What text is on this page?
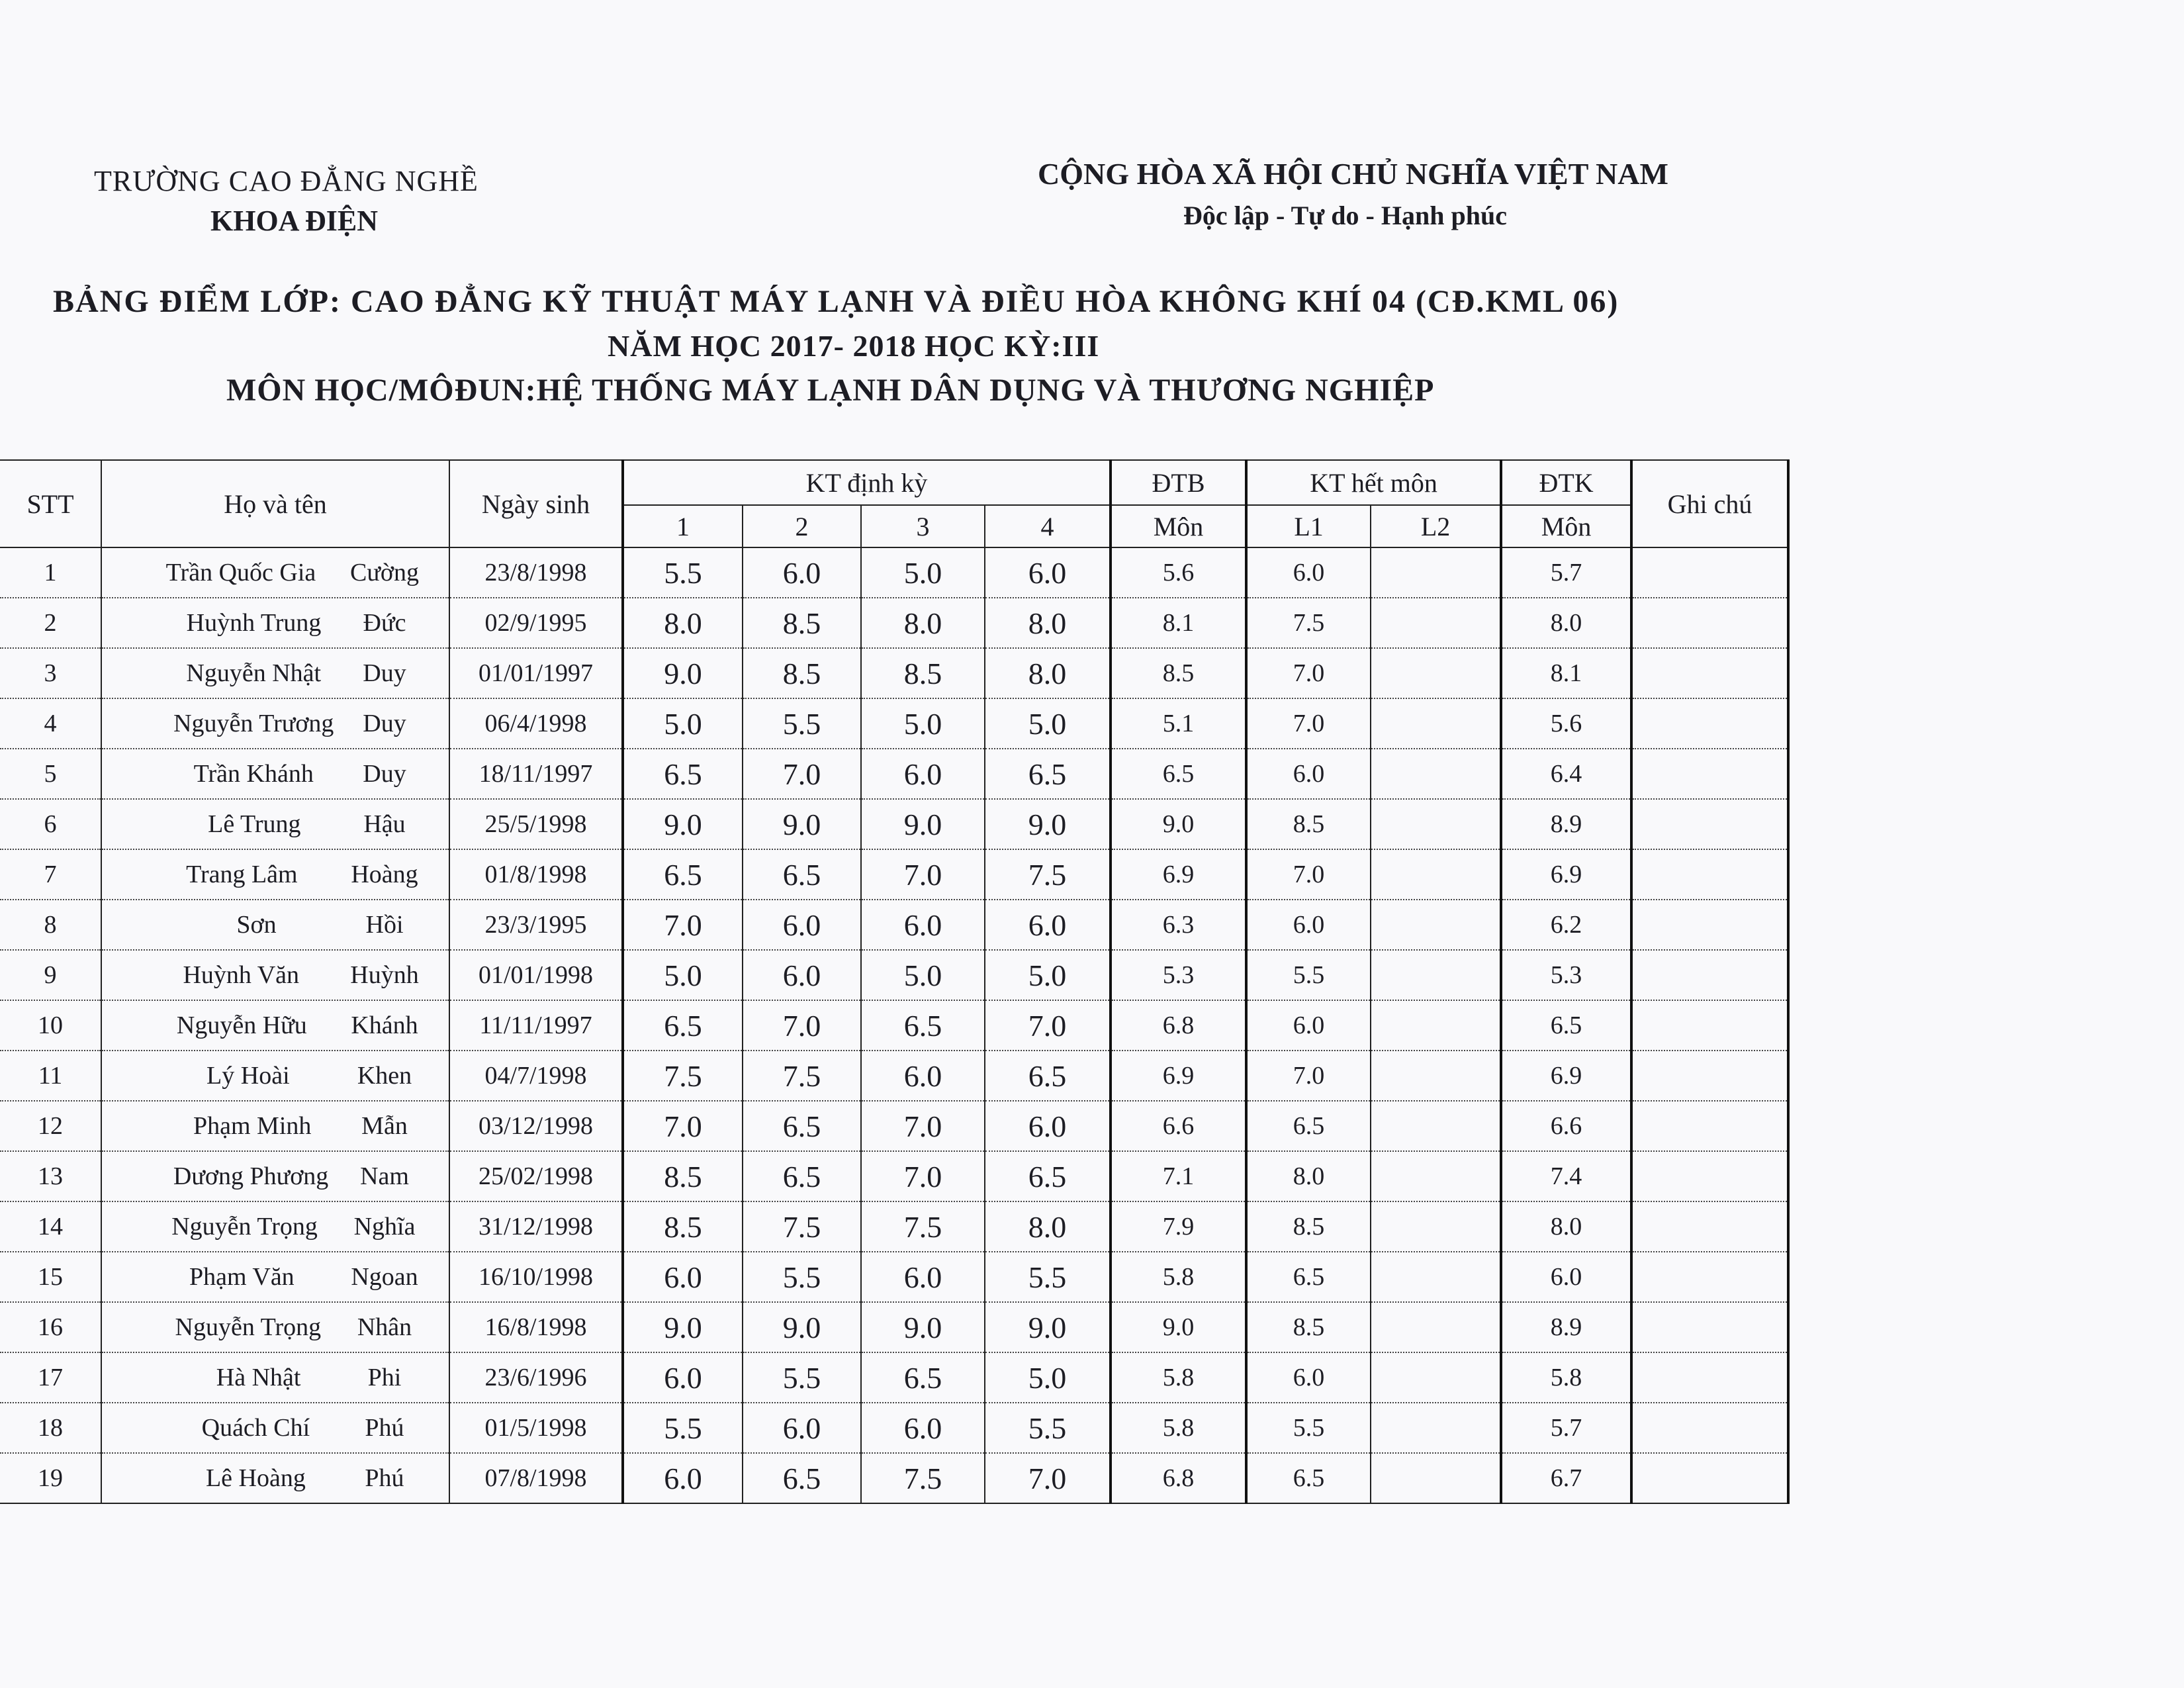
TRƯỜNG CAO ĐẲNG NGHỀ
KHOA ĐIỆN
CỘNG HÒA XÃ HỘI CHỦ NGHĨA VIỆT NAM
Độc lập - Tự do - Hạnh phúc
BẢNG ĐIỂM LỚP: CAO ĐẲNG KỸ THUẬT MÁY LẠNH VÀ ĐIỀU HÒA KHÔNG KHÍ 04 (CĐ.KML 06)
NĂM HỌC 2017- 2018 HỌC KỲ:III
MÔN HỌC/MÔĐUN:HỆ THỐNG MÁY LẠNH DÂN DỤNG VÀ THƯƠNG NGHIỆP
STT	Họ và tên	Ngày sinh	KT định kỳ				ĐTB	KT hết môn		ĐTK	Ghi chú
			1	2	3	4	Môn	L1	L2	Môn	
1	Trần Quốc Gia Cường	23/8/1998	5.5	6.0	5.0	6.0	5.6	6.0		5.7	
2	Huỳnh Trung Đức	02/9/1995	8.0	8.5	8.0	8.0	8.1	7.5		8.0	
3	Nguyễn Nhật Duy	01/01/1997	9.0	8.5	8.5	8.0	8.5	7.0		8.1	
4	Nguyễn Trương Duy	06/4/1998	5.0	5.5	5.0	5.0	5.1	7.0		5.6	
5	Trần Khánh Duy	18/11/1997	6.5	7.0	6.0	6.5	6.5	6.0		6.4	
6	Lê Trung Hậu	25/5/1998	9.0	9.0	9.0	9.0	9.0	8.5		8.9	
7	Trang Lâm Hoàng	01/8/1998	6.5	6.5	7.0	7.5	6.9	7.0		6.9	
8	Sơn Hồi	23/3/1995	7.0	6.0	6.0	6.0	6.3	6.0		6.2	
9	Huỳnh Văn Huỳnh	01/01/1998	5.0	6.0	5.0	5.0	5.3	5.5		5.3	
10	Nguyễn Hữu Khánh	11/11/1997	6.5	7.0	6.5	7.0	6.8	6.0		6.5	
11	Lý Hoài Khen	04/7/1998	7.5	7.5	6.0	6.5	6.9	7.0		6.9	
12	Phạm Minh Mẫn	03/12/1998	7.0	6.5	7.0	6.0	6.6	6.5		6.6	
13	Dương Phương Nam	25/02/1998	8.5	6.5	7.0	6.5	7.1	8.0		7.4	
14	Nguyễn Trọng Nghĩa	31/12/1998	8.5	7.5	7.5	8.0	7.9	8.5		8.0	
15	Phạm Văn Ngoan	16/10/1998	6.0	5.5	6.0	5.5	5.8	6.5		6.0	
16	Nguyễn Trọng Nhân	16/8/1998	9.0	9.0	9.0	9.0	9.0	8.5		8.9	
17	Hà Nhật Phi	23/6/1996	6.0	5.5	6.5	5.0	5.8	6.0		5.8	
18	Quách Chí Phú	01/5/1998	5.5	6.0	6.0	5.5	5.8	5.5		5.7	
19	Lê Hoàng Phú	07/8/1998	6.0	6.5	7.5	7.0	6.8	6.5		6.7	
